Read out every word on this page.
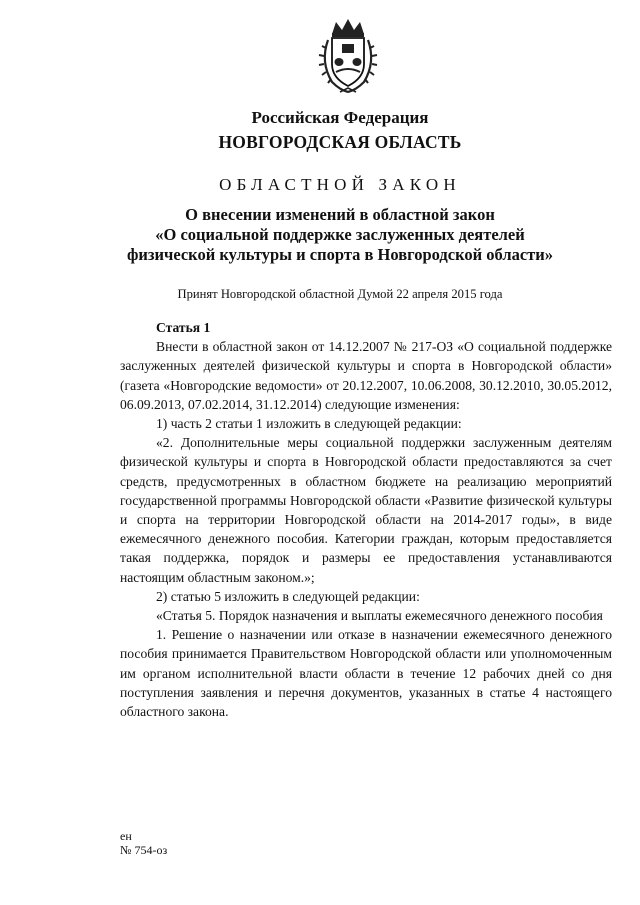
Российская Федерация
НОВГОРОДСКАЯ ОБЛАСТЬ
ОБЛАСТНОЙ ЗАКОН
О внесении изменений в областной закон
«О социальной поддержке заслуженных деятелей
физической культуры и спорта в Новгородской области»
Принят Новгородской областной Думой 22 апреля 2015 года

Статья 1

Внести в областной закон от 14.12.2007 № 217-ОЗ «О социальной поддержке заслуженных деятелей физической культуры и спорта в Новгородской области» (газета «Новгородские ведомости» от 20.12.2007, 10.06.2008, 30.12.2010, 30.05.2012, 06.09.2013, 07.02.2014, 31.12.2014) следующие изменения:

1) часть 2 статьи 1 изложить в следующей редакции:

«2. Дополнительные меры социальной поддержки заслуженным деятелям физической культуры и спорта в Новгородской области предоставляются за счет средств, предусмотренных в областном бюджете на реализацию мероприятий государственной программы Новгородской области «Развитие физической культуры и спорта на территории Новгородской области на 2014-2017 годы», в виде ежемесячного денежного пособия. Категории граждан, которым предоставляется такая поддержка, порядок и размеры ее предоставления устанавливаются настоящим областным законом.»;

2) статью 5 изложить в следующей редакции:

«Статья 5. Порядок назначения и выплаты ежемесячного денежного пособия

1. Решение о назначении или отказе в назначении ежемесячного денежного пособия принимается Правительством Новгородской области или уполномоченным им органом исполнительной власти области в течение 12 рабочих дней со дня поступления заявления и перечня документов, указанных в статье 4 настоящего областного закона.

ен
№ 754-оз
